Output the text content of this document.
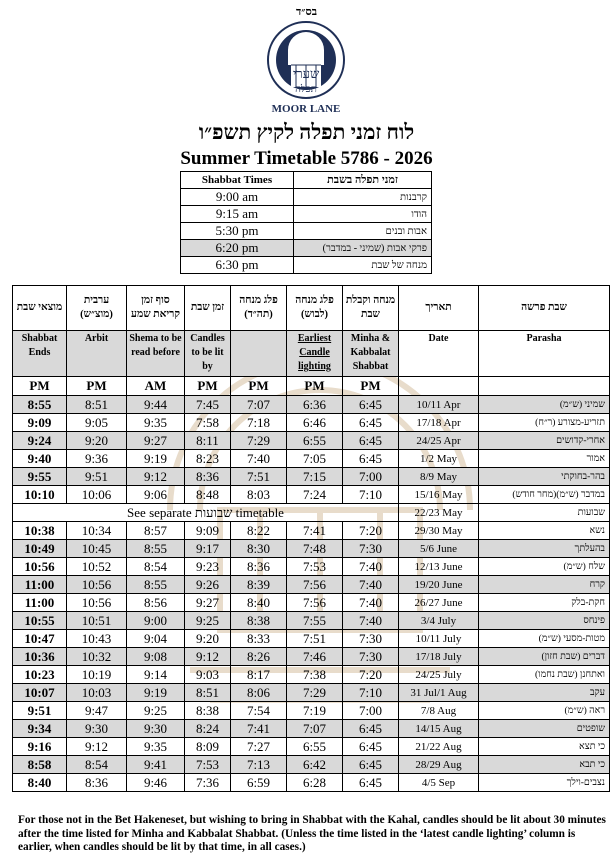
בס״ד
שערי
תפלה
MOOR LANE
לוח זמני תפלה לקיץ תשפ״ו
Summer Timetable 5786 - 2026
Shabbat Times	זמני תפלה בשבת
9:00 am	קרבנות
9:15 am	הודו
5:30 pm	אבות ובנים
6:20 pm	פרקי אבות (שמיני - במדבר)
6:30 pm	מנחה של שבת
מוצאי שבת	ערבית (מוצ״ש)	סוף זמן קריאת שמע	זמן שבת	פלג מנחה (תה״ד)	פלג מנחה (לבוש)	מנחה וקבלת שבת	תאריך	שבת פרשה
Shabbat Ends	Arbit	Shema to be read before	Candles to be lit by		Earliest Candle lighting	Minha & Kabbalat Shabbat	Date	Parasha
PM	PM	AM	PM	PM	PM	PM		
8:55	8:51	9:44	7:45	7:07	6:36	6:45	10/11 Apr	שמיני (ש״מ)
9:09	9:05	9:35	7:58	7:18	6:46	6:45	17/18 Apr	תזריע-מצורע (ר״ח)
9:24	9:20	9:27	8:11	7:29	6:55	6:45	24/25 Apr	אחרי-קדושים
9:40	9:36	9:19	8:23	7:40	7:05	6:45	1/2 May	אמור
9:55	9:51	9:12	8:36	7:51	7:15	7:00	8/9 May	בהר-בחוקתי
10:10	10:06	9:06	8:48	8:03	7:24	7:10	15/16 May	במדבר (ש״מ)(מחר חודש)
See separate שבועות timetable							22/23 May	שבועות
10:38	10:34	8:57	9:09	8:22	7:41	7:20	29/30 May	נשא
10:49	10:45	8:55	9:17	8:30	7:48	7:30	5/6 June	בהעלתך
10:56	10:52	8:54	9:23	8:36	7:53	7:40	12/13 June	שלח (ש״מ)
11:00	10:56	8:55	9:26	8:39	7:56	7:40	19/20 June	קרח
11:00	10:56	8:56	9:27	8:40	7:56	7:40	26/27 June	חקת-בלק
10:55	10:51	9:00	9:25	8:38	7:55	7:40	3/4 July	פינחס
10:47	10:43	9:04	9:20	8:33	7:51	7:30	10/11 July	מטות-מסעי (ש״מ)
10:36	10:32	9:08	9:12	8:26	7:46	7:30	17/18 July	דברים (שבת חזון)
10:23	10:19	9:14	9:03	8:17	7:38	7:20	24/25 July	ואתחנן (שבת נחמו)
10:07	10:03	9:19	8:51	8:06	7:29	7:10	31 Jul/1 Aug	עקב
9:51	9:47	9:25	8:38	7:54	7:19	7:00	7/8 Aug	ראה (ש״מ)
9:34	9:30	9:30	8:24	7:41	7:07	6:45	14/15 Aug	שופטים
9:16	9:12	9:35	8:09	7:27	6:55	6:45	21/22 Aug	כי תצא
8:58	8:54	9:41	7:53	7:13	6:42	6:45	28/29 Aug	כי תבא
8:40	8:36	9:46	7:36	6:59	6:28	6:45	4/5 Sep	נצבים-וילך
For those not in the Bet Hakeneset, but wishing to bring in Shabbat with the Kahal, candles should be lit about 30 minutes after the time listed for Minha and Kabbalat Shabbat. (Unless the time listed in the ‘latest candle lighting’ column is earlier, when candles should be lit by that time, in all cases.)
